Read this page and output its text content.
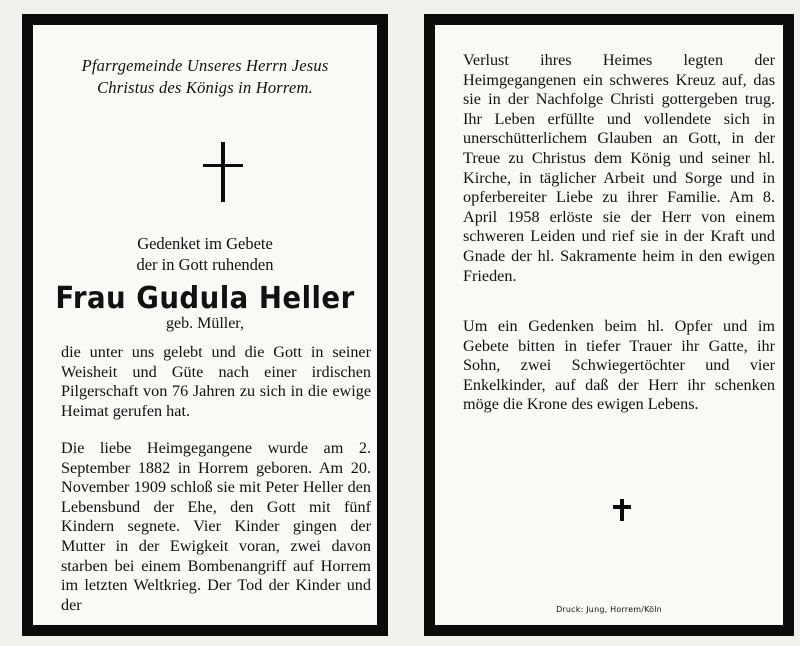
Pfarrgemeinde Unseres Herrn Jesus
Christus des Königs in Horrem.
Gedenket im Gebete
der in Gott ruhenden
Frau Gudula Heller
geb. Müller,
die unter uns gelebt und die Gott in seiner Weisheit und Güte nach einer irdischen Pilgerschaft von 76 Jahren zu sich in die ewige Heimat gerufen hat.
Die liebe Heimgegangene wurde am 2. September 1882 in Horrem geboren. Am 20. November 1909 schloß sie mit Peter Heller den Lebensbund der Ehe, den Gott mit fünf Kindern segnete. Vier Kinder gingen der Mutter in der Ewigkeit voran, zwei davon starben bei einem Bombenangriff auf Horrem im letzten Weltkrieg. Der Tod der Kinder und der
Verlust ihres Heimes legten der Heimgegangenen ein schweres Kreuz auf, das sie in der Nachfolge Christi gottergeben trug. Ihr Leben erfüllte und vollendete sich in unerschütterlichem Glauben an Gott, in der Treue zu Christus dem König und seiner hl. Kirche, in täglicher Arbeit und Sorge und in opferbereiter Liebe zu ihrer Familie. Am 8. April 1958 erlöste sie der Herr von einem schweren Leiden und rief sie in der Kraft und Gnade der hl. Sakramente heim in den ewigen Frieden.
Um ein Gedenken beim hl. Opfer und im Gebete bitten in tiefer Trauer ihr Gatte, ihr Sohn, zwei Schwiegertöchter und vier Enkelkinder, auf daß der Herr ihr schenken möge die Krone des ewigen Lebens.
Druck: Jung, Horrem/Köln
